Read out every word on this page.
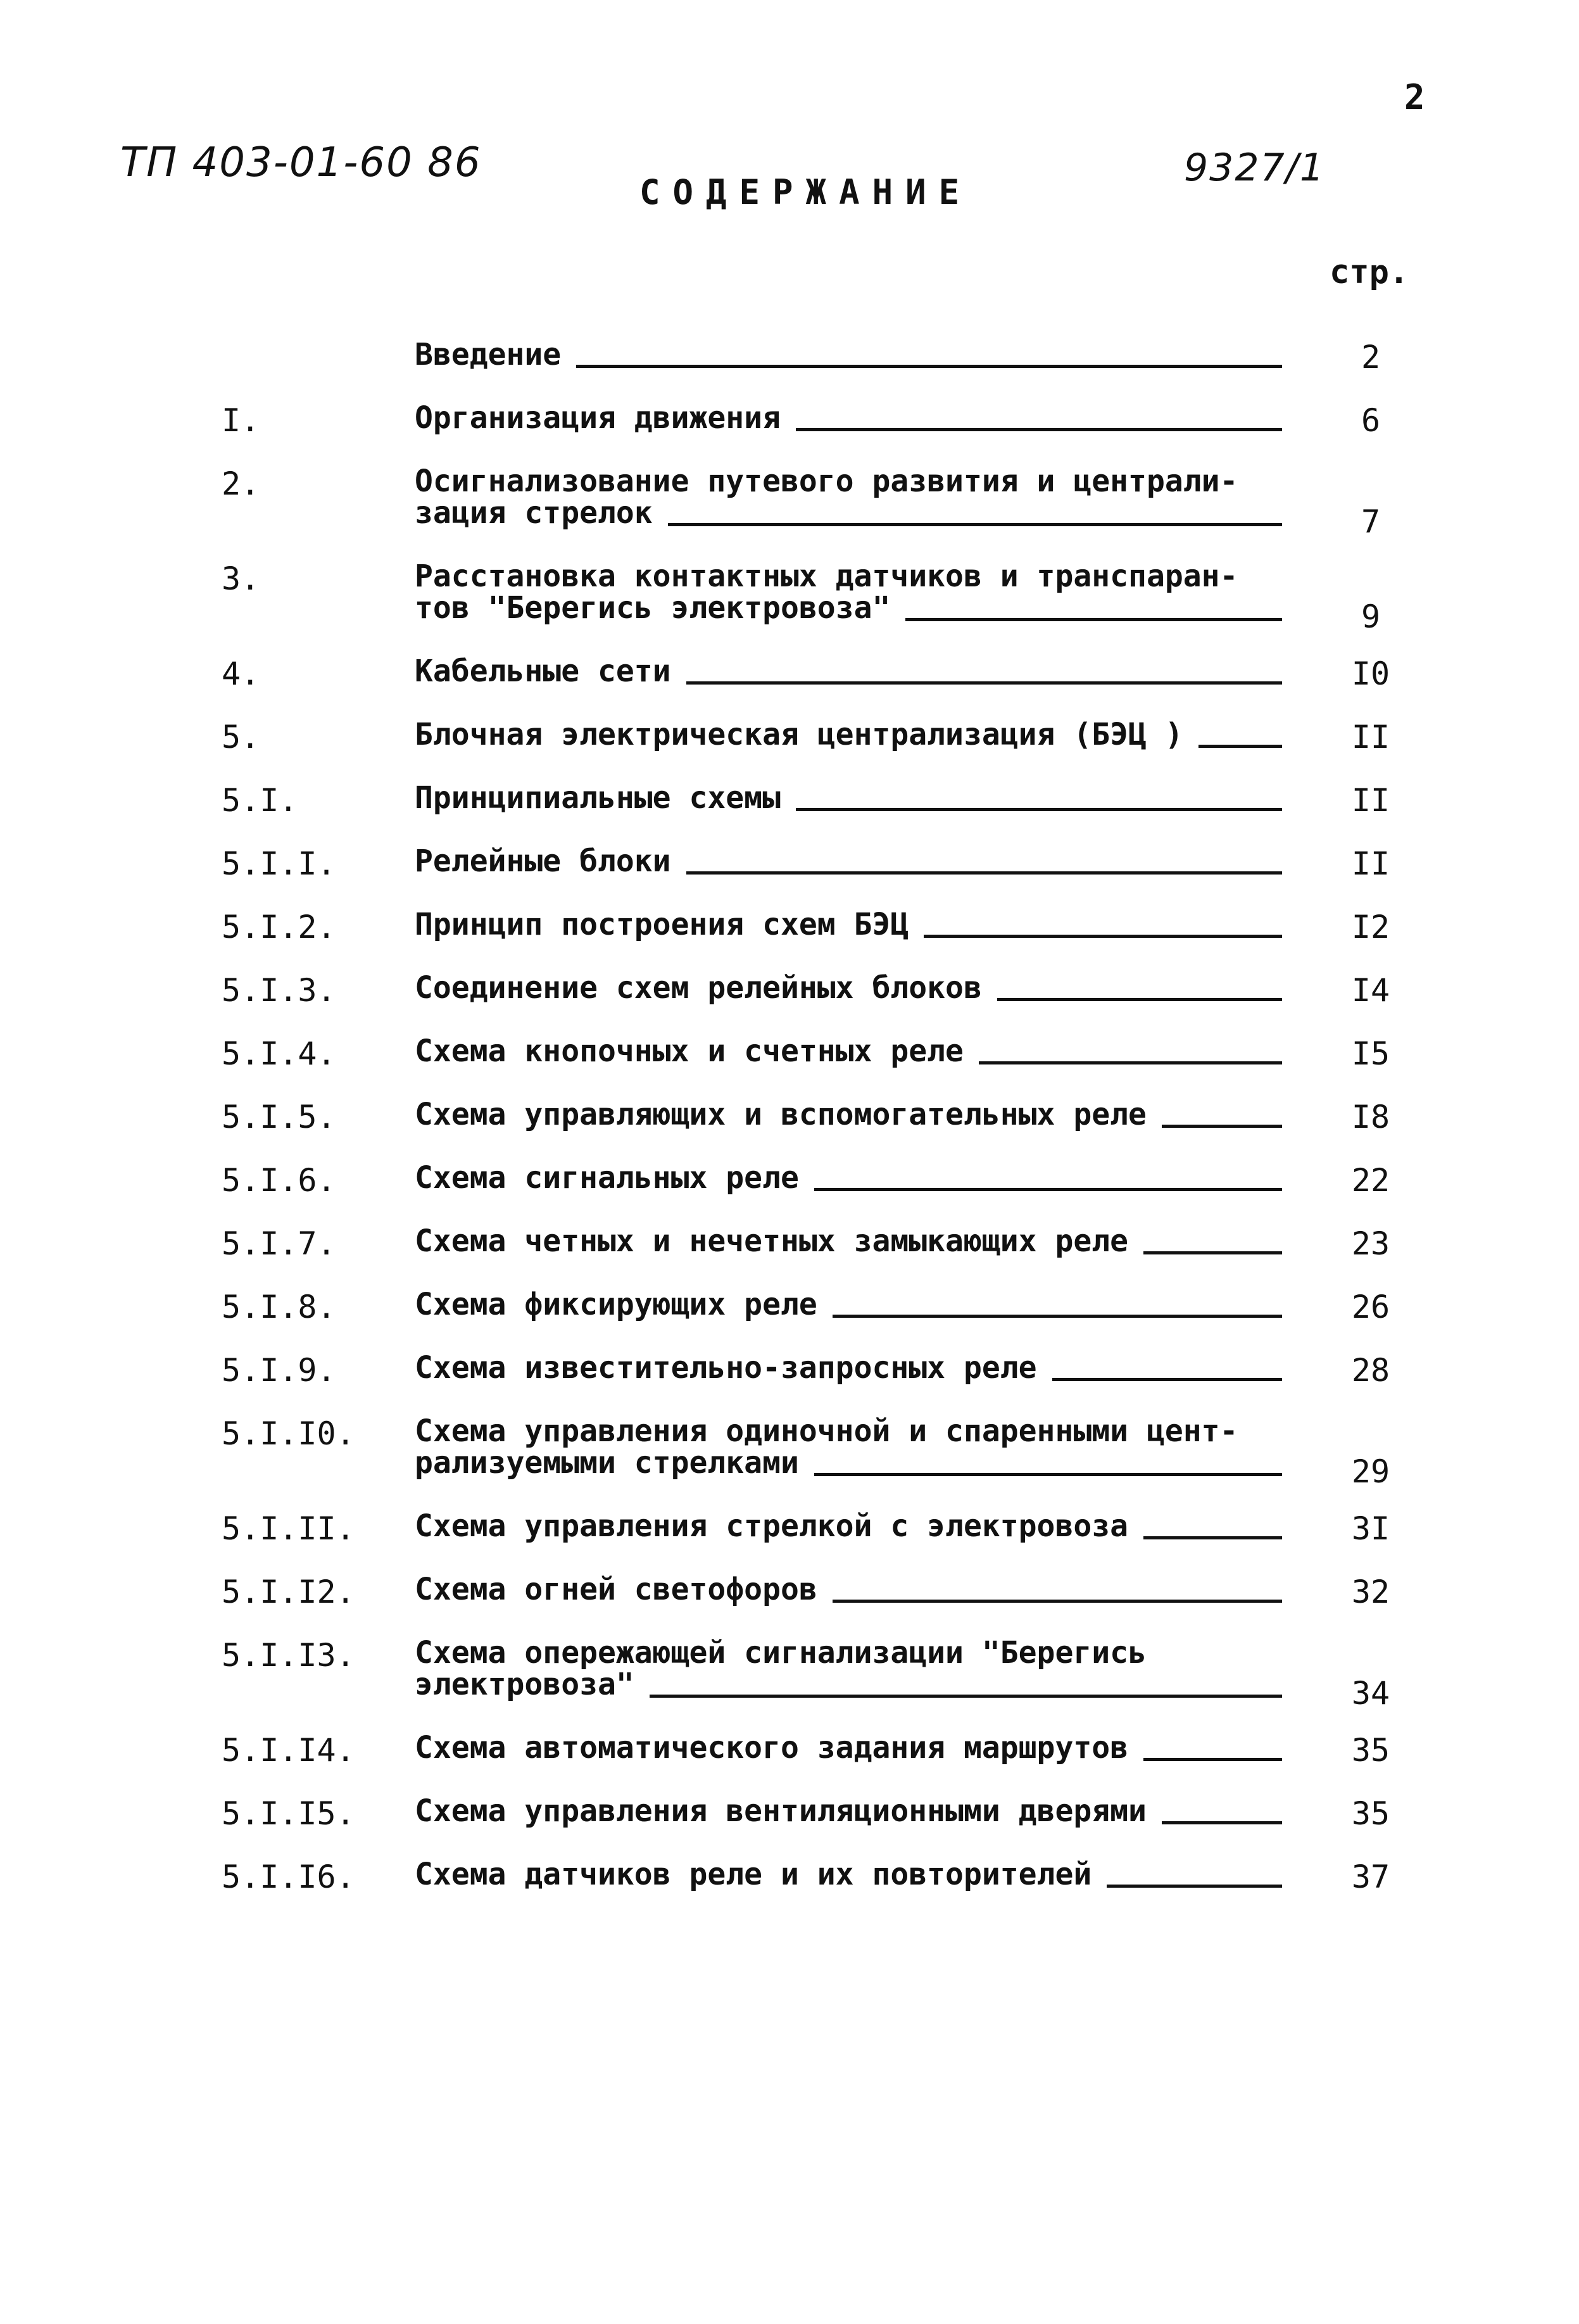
2
ТП 403-01-60 86	9327/1
СОДЕРЖАНИЕ
стр.
Введение	2
I.	Организация движения	6
2.	Осигнализование путевого развития и централи-
зация стрелок	7
3.	Расстановка контактных датчиков и транспаран-
тов "Берегись электровоза"	9
4.	Кабельные сети	I0
5.	Блочная электрическая централизация (БЭЦ )	II
5.I.	Принципиальные схемы	II
5.I.I.	Релейные блоки	II
5.I.2.	Принцип построения схем БЭЦ	I2
5.I.3.	Соединение схем релейных блоков	I4
5.I.4.	Схема кнопочных и счетных реле	I5
5.I.5.	Схема управляющих и вспомогательных реле	I8
5.I.6.	Схема сигнальных реле	22
5.I.7.	Схема четных и нечетных замыкающих реле	23
5.I.8.	Схема фиксирующих реле	26
5.I.9.	Схема известительно-запросных реле	28
5.I.I0. Схема управления одиночной и спаренными цент-
рализуемыми стрелками	29
5.I.II. Схема управления стрелкой с электровоза	3I
5.I.I2. Схема огней светофоров	32
5.I.I3. Схема опережающей сигнализации "Берегись
электровоза"	34
5.I.I4. Схема автоматического задания маршрутов	35
5.I.I5. Схема управления вентиляционными дверями	35
5.I.I6. Схема датчиков реле и их повторителей	37
